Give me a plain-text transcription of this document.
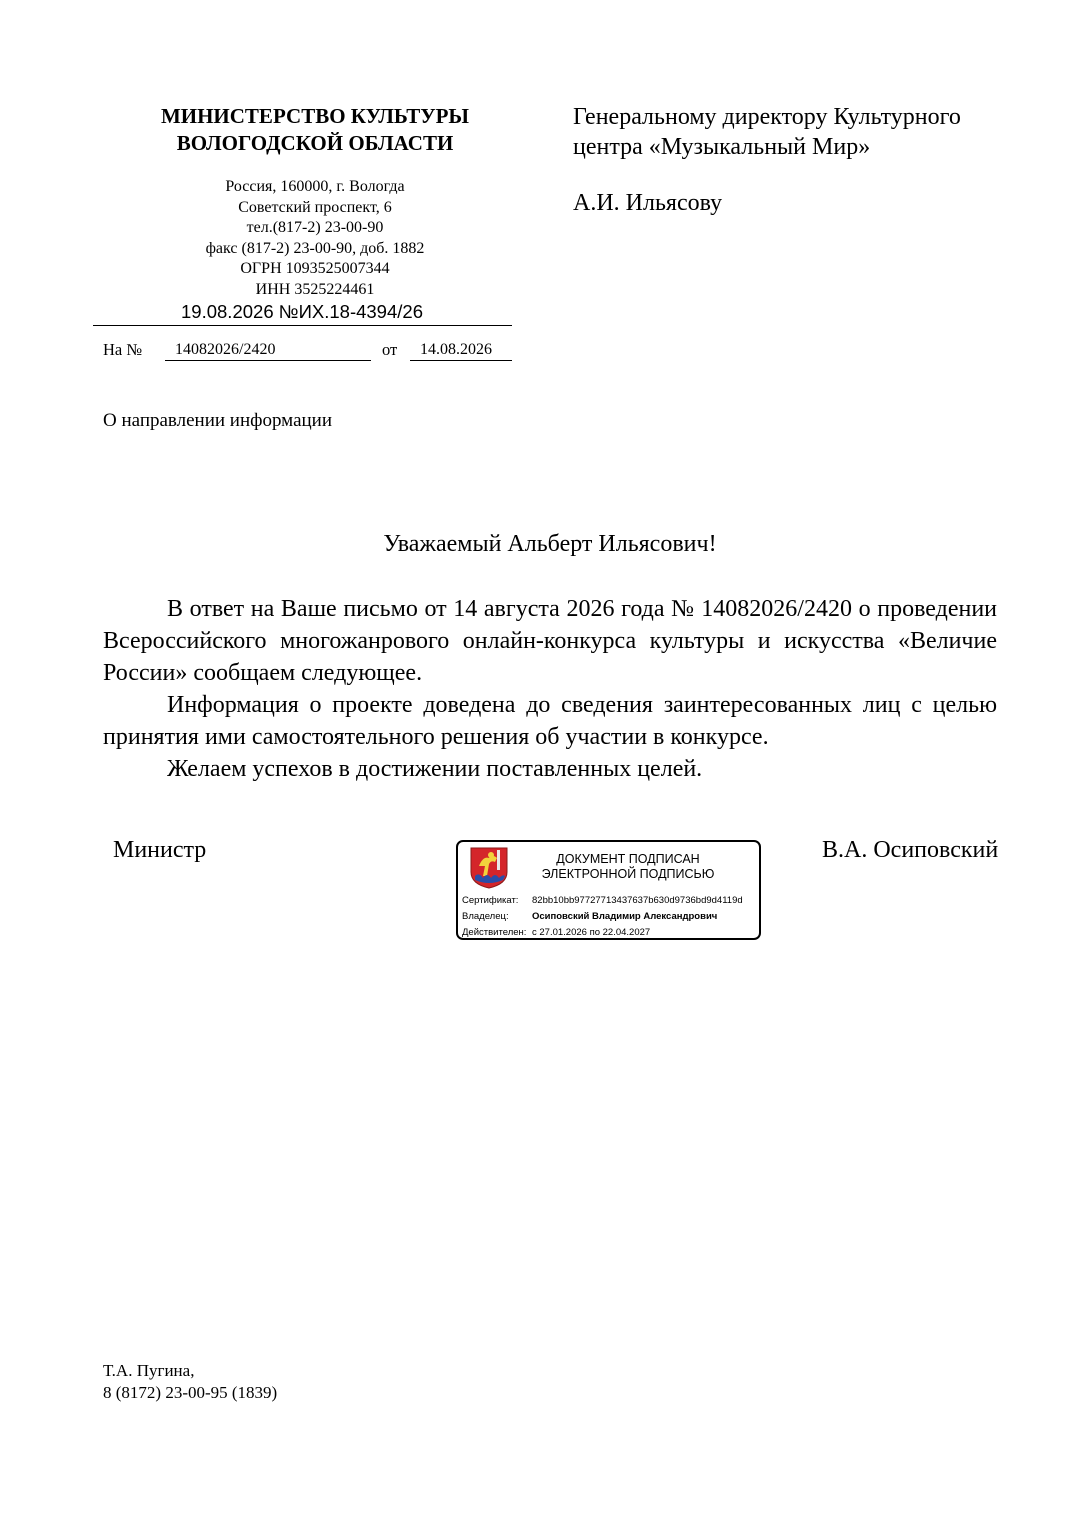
МИНИСТЕРСТВО КУЛЬТУРЫ
ВОЛОГОДСКОЙ ОБЛАСТИ
Россия, 160000, г. Вологда
Советский проспект, 6
тел.(817-2) 23-00-90
факс (817-2) 23-00-90, доб. 1882
ОГРН 1093525007344
ИНН 3525224461
19.08.2026 №ИХ.18-4394/26
На №	14082026/2420	от	14.08.2026
Генеральному директору Культурного центра «Музыкальный Мир»
А.И. Ильясову
О направлении информации
Уважаемый Альберт Ильясович!

В ответ на Ваше письмо от 14 августа 2026 года № 14082026/2420 о проведении Всероссийского многожанрового онлайн-конкурса культуры и искусства «Величие России» сообщаем следующее.

Информация о проекте доведена до сведения заинтересованных лиц с целью принятия ими самостоятельного решения об участии в конкурсе.

Желаем успехов в достижении поставленных целей.

Министр	В.А. Осиповский
ДОКУМЕНТ ПОДПИСАН
ЭЛЕКТРОННОЙ ПОДПИСЬЮ
Сертификат:	82bb10bb97727713437637b630d9736bd9d4119d
Владелец:	Осиповский Владимир Александрович
Действителен: с 27.01.2026 по 22.04.2027
Т.А. Пугина,
8 (8172) 23-00-95 (1839)
